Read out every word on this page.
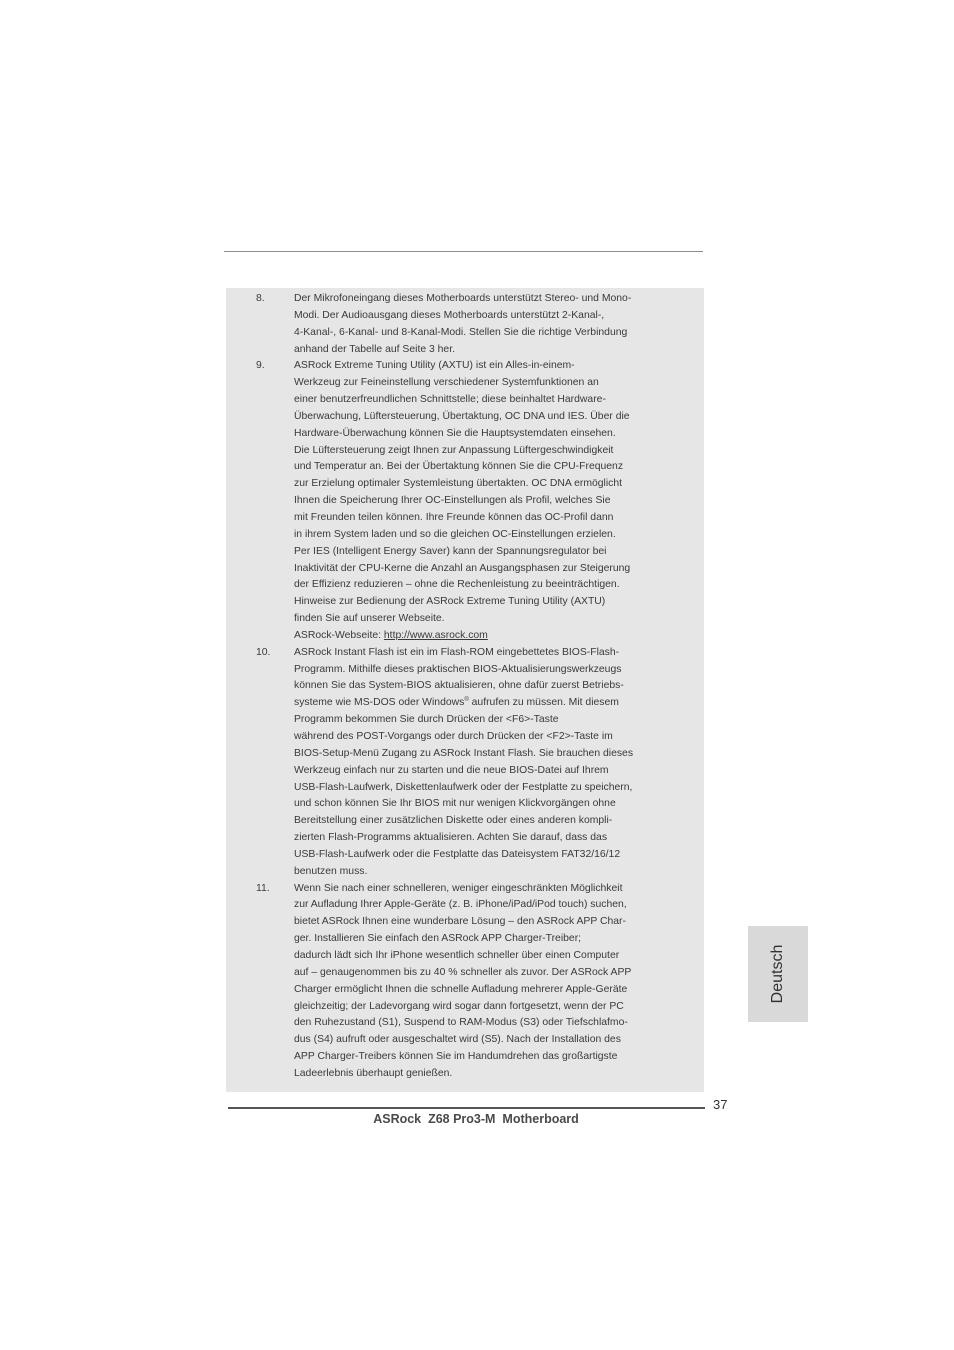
8.	Der Mikrofoneingang dieses Motherboards unterstützt Stereo- und Mono-
Modi. Der Audioausgang dieses Motherboards unterstützt 2-Kanal-,
4-Kanal-, 6-Kanal- und 8-Kanal-Modi. Stellen Sie die richtige Verbindung
anhand der Tabelle auf Seite 3 her.
9.	ASRock Extreme Tuning Utility (AXTU) ist ein Alles-in-einem-
Werkzeug zur Feineinstellung verschiedener Systemfunktionen an
einer benutzerfreundlichen Schnittstelle; diese beinhaltet Hardware-
Überwachung, Lüftersteuerung, Übertaktung, OC DNA und IES. Über die
Hardware-Überwachung können Sie die Hauptsystemdaten einsehen.
Die Lüftersteuerung zeigt Ihnen zur Anpassung Lüftergeschwindigkeit
und Temperatur an. Bei der Übertaktung können Sie die CPU-Frequenz
zur Erzielung optimaler Systemleistung übertakten. OC DNA ermöglicht
Ihnen die Speicherung Ihrer OC-Einstellungen als Profil, welches Sie
mit Freunden teilen können. Ihre Freunde können das OC-Profil dann
in ihrem System laden und so die gleichen OC-Einstellungen erzielen.
Per IES (Intelligent Energy Saver) kann der Spannungsregulator bei
Inaktivität der CPU-Kerne die Anzahl an Ausgangsphasen zur Steigerung
der Effizienz reduzieren – ohne die Rechenleistung zu beeinträchtigen.
Hinweise zur Bedienung der ASRock Extreme Tuning Utility (AXTU)
finden Sie auf unserer Webseite.
ASRock-Webseite: http://www.asrock.com
10.	ASRock Instant Flash ist ein im Flash-ROM eingebettetes BIOS-Flash-
Programm. Mithilfe dieses praktischen BIOS-Aktualisierungswerkzeugs
können Sie das System-BIOS aktualisieren, ohne dafür zuerst Betriebs-
systeme wie MS-DOS oder Windows® aufrufen zu müssen. Mit diesem
Programm bekommen Sie durch Drücken der <F6>-Taste
während des POST-Vorgangs oder durch Drücken der <F2>-Taste im
BIOS-Setup-Menü Zugang zu ASRock Instant Flash. Sie brauchen dieses
Werkzeug einfach nur zu starten und die neue BIOS-Datei auf Ihrem
USB-Flash-Laufwerk, Diskettenlaufwerk oder der Festplatte zu speichern,
und schon können Sie Ihr BIOS mit nur wenigen Klickvorgängen ohne
Bereitstellung einer zusätzlichen Diskette oder eines anderen kompli-
zierten Flash-Programms aktualisieren. Achten Sie darauf, dass das
USB-Flash-Laufwerk oder die Festplatte das Dateisystem FAT32/16/12
benutzen muss.
11.	Wenn Sie nach einer schnelleren, weniger eingeschränkten Möglichkeit
zur Aufladung Ihrer Apple-Geräte (z. B. iPhone/iPad/iPod touch) suchen,
bietet ASRock Ihnen eine wunderbare Lösung – den ASRock APP Char-
ger. Installieren Sie einfach den ASRock APP Charger-Treiber;
dadurch lädt sich Ihr iPhone wesentlich schneller über einen Computer
auf – genaugenommen bis zu 40 % schneller als zuvor. Der ASRock APP
Charger ermöglicht Ihnen die schnelle Aufladung mehrerer Apple-Geräte
gleichzeitig; der Ladevorgang wird sogar dann fortgesetzt, wenn der PC
den Ruhezustand (S1), Suspend to RAM-Modus (S3) oder Tiefschlafmo-
dus (S4) aufruft oder ausgeschaltet wird (S5). Nach der Installation des
APP Charger-Treibers können Sie im Handumdrehen das großartigste
Ladeerlebnis überhaupt genießen.
Deutsch
37
ASRock  Z68 Pro3-M  Motherboard
